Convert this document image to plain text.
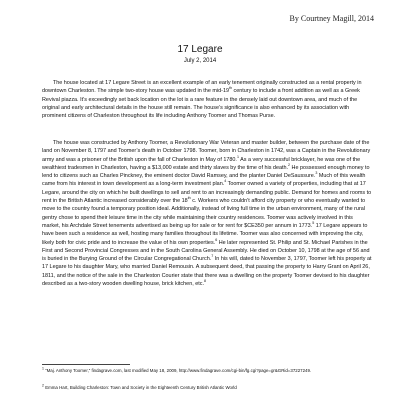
By Courtney Magill, 2014
17 Legare
July 2, 2014

  The house located at 17 Legare Street is an excellent example of an early tenement originally constructed as a rental property in downtown Charleston. The simple two-story house was updated in the mid-19th century to include a front addition as well as a Greek Revival piazza. It’s exceedingly set back location on the lot is a rare feature in the densely laid out downtown area, and much of the original and early architectural details in the house still remain. The house’s significance is also enhanced by its association with prominent citizens of Charleston throughout its life including Anthony Toomer and Thomas Purse.

  The house was constructed by Anthony Toomer, a Revolutionary War Veteran and master builder, between the purchase date of the land on November 8, 1797 and Toomer’s death in October 1798. Toomer, born in Charleston in 1742, was a Captain in the Revolutionary army and was a prisoner of the British upon the fall of Charleston in May of 1780.$^1$ As a very successful bricklayer, he was one of the wealthiest tradesmen in Charleston, having a $13,000 estate and thirty slaves by the time of his death.$^2$ He possessed enough money to lend to citizens such as Charles Pinckney, the eminent doctor David Ramsey, and the planter Daniel DeSaussure.$^3$ Much of this wealth came from his interest in town development as a long-term investment plan.$^4$ Toomer owned a variety of properties, including that at 17 Legare, around the city on which he built dwellings to sell and rent to an increasingly demanding public. Demand for homes and rooms to rent in the British Atlantic increased considerably over the 18th c. Workers who couldn’t afford city property or who eventually wanted to move to the country found a temporary position ideal. Additionally, instead of living full time in the urban environment, many of the rural gentry chose to spend their leisure time in the city while maintaining their country residences. Toomer was actively involved in this market, his Archdale Street tenements advertised as being up for sale or for rent for $CE350 per annum in 1773.$^5$ 17 Legare appears to have been such a residence as well, hosting many families throughout its lifetime. Toomer was also concerned with improving the city, likely both for civic pride and to increase the value of his own properties.$^6$ He later represented St. Philip and St. Michael Parishes in the First and Second Provincial Congresses and in the South Carolina General Assembly. He died on October 10, 1798 at the age of 56 and is buried in the Burying Ground of the Circular Congregational Church.$^7$ In his will, dated to November 3, 1797, Toomer left his property at 17 Legare to his daughter Mary, who married Daniel Remousin. A subsequent deed, that passing the property to Harry Grant on April 26, 1811, and the notice of the sale in the Charleston Courier state that there was a dwelling on the property Toomer devised to his daughter described as a two-story wooden dwelling house, brick kitchen, etc.$^8$

$^1$ “Maj. Anthony Toomer,” findagrave.com, last modified May 18, 2009, http://www.findagrave.com/cgi-bin/fg.cgi?page=gr&GRid=37227249.

$^2$ Emma Hart, Building Charleston: Town and Society in the Eighteenth Century British Atlantic World
